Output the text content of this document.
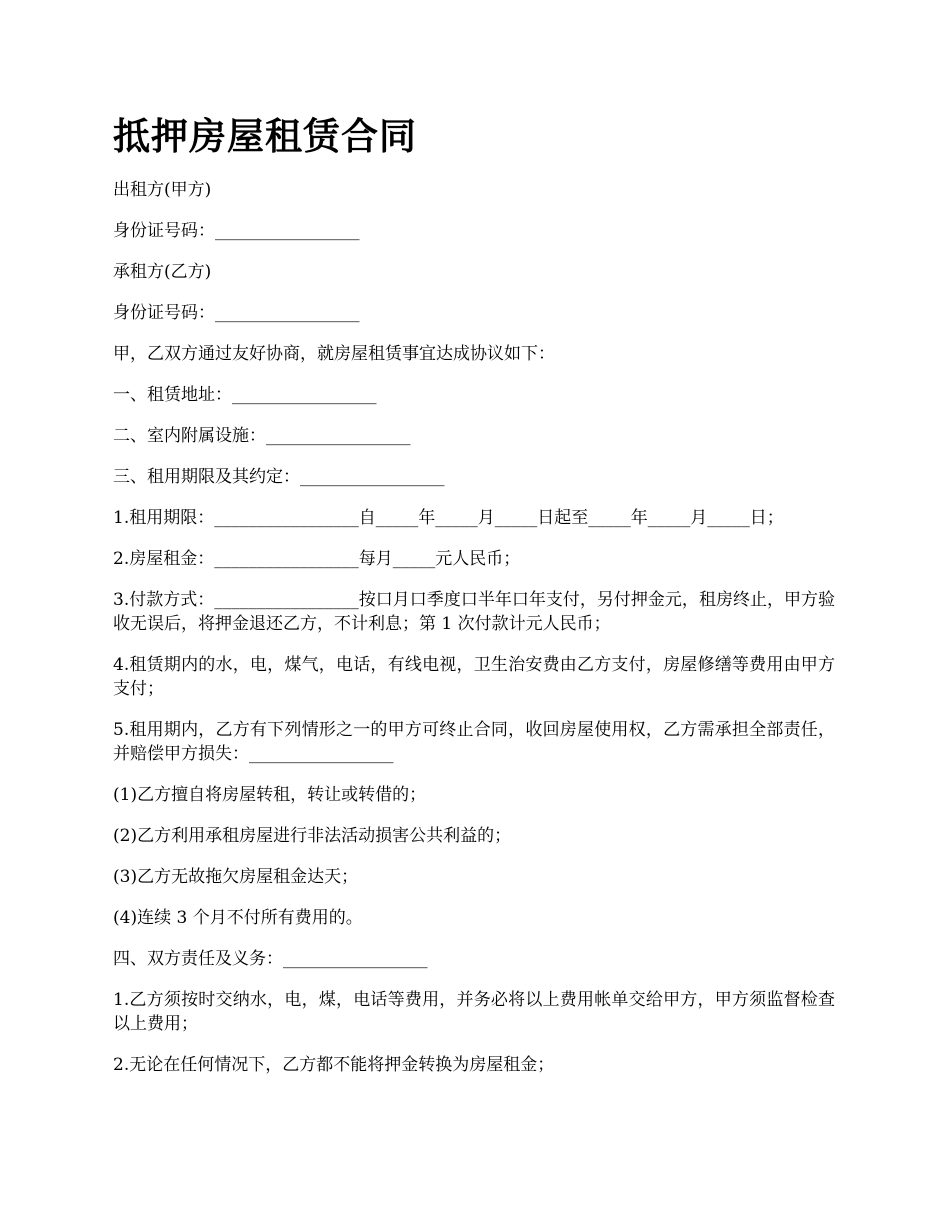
抵押房屋租赁合同

出租方(甲方)

身份证号码：_________________

承租方(乙方)

身份证号码：_________________

甲，乙双方通过友好协商，就房屋租赁事宜达成协议如下：

一、租赁地址：_________________

二、室内附属设施：_________________

三、租用期限及其约定：_________________

1.租用期限：_________________自_____年_____月_____日起至_____年_____月_____日；

2.房屋租金：_________________每月_____元人民币；

3.付款方式：_________________按口月口季度口半年口年支付，另付押金元，租房终止，甲方验收无误后，将押金退还乙方，不计利息；第 1 次付款计元人民币；

4.租赁期内的水，电，煤气，电话，有线电视，卫生治安费由乙方支付，房屋修缮等费用由甲方支付；

5.租用期内，乙方有下列情形之一的甲方可终止合同，收回房屋使用权，乙方需承担全部责任，并赔偿甲方损失：_________________

(1)乙方擅自将房屋转租，转让或转借的；

(2)乙方利用承租房屋进行非法活动损害公共利益的；

(3)乙方无故拖欠房屋租金达天；

(4)连续 3 个月不付所有费用的。

四、双方责任及义务：_________________

1.乙方须按时交纳水，电，煤，电话等费用，并务必将以上费用帐单交给甲方，甲方须监督检查以上费用；

2.无论在任何情况下，乙方都不能将押金转换为房屋租金；
